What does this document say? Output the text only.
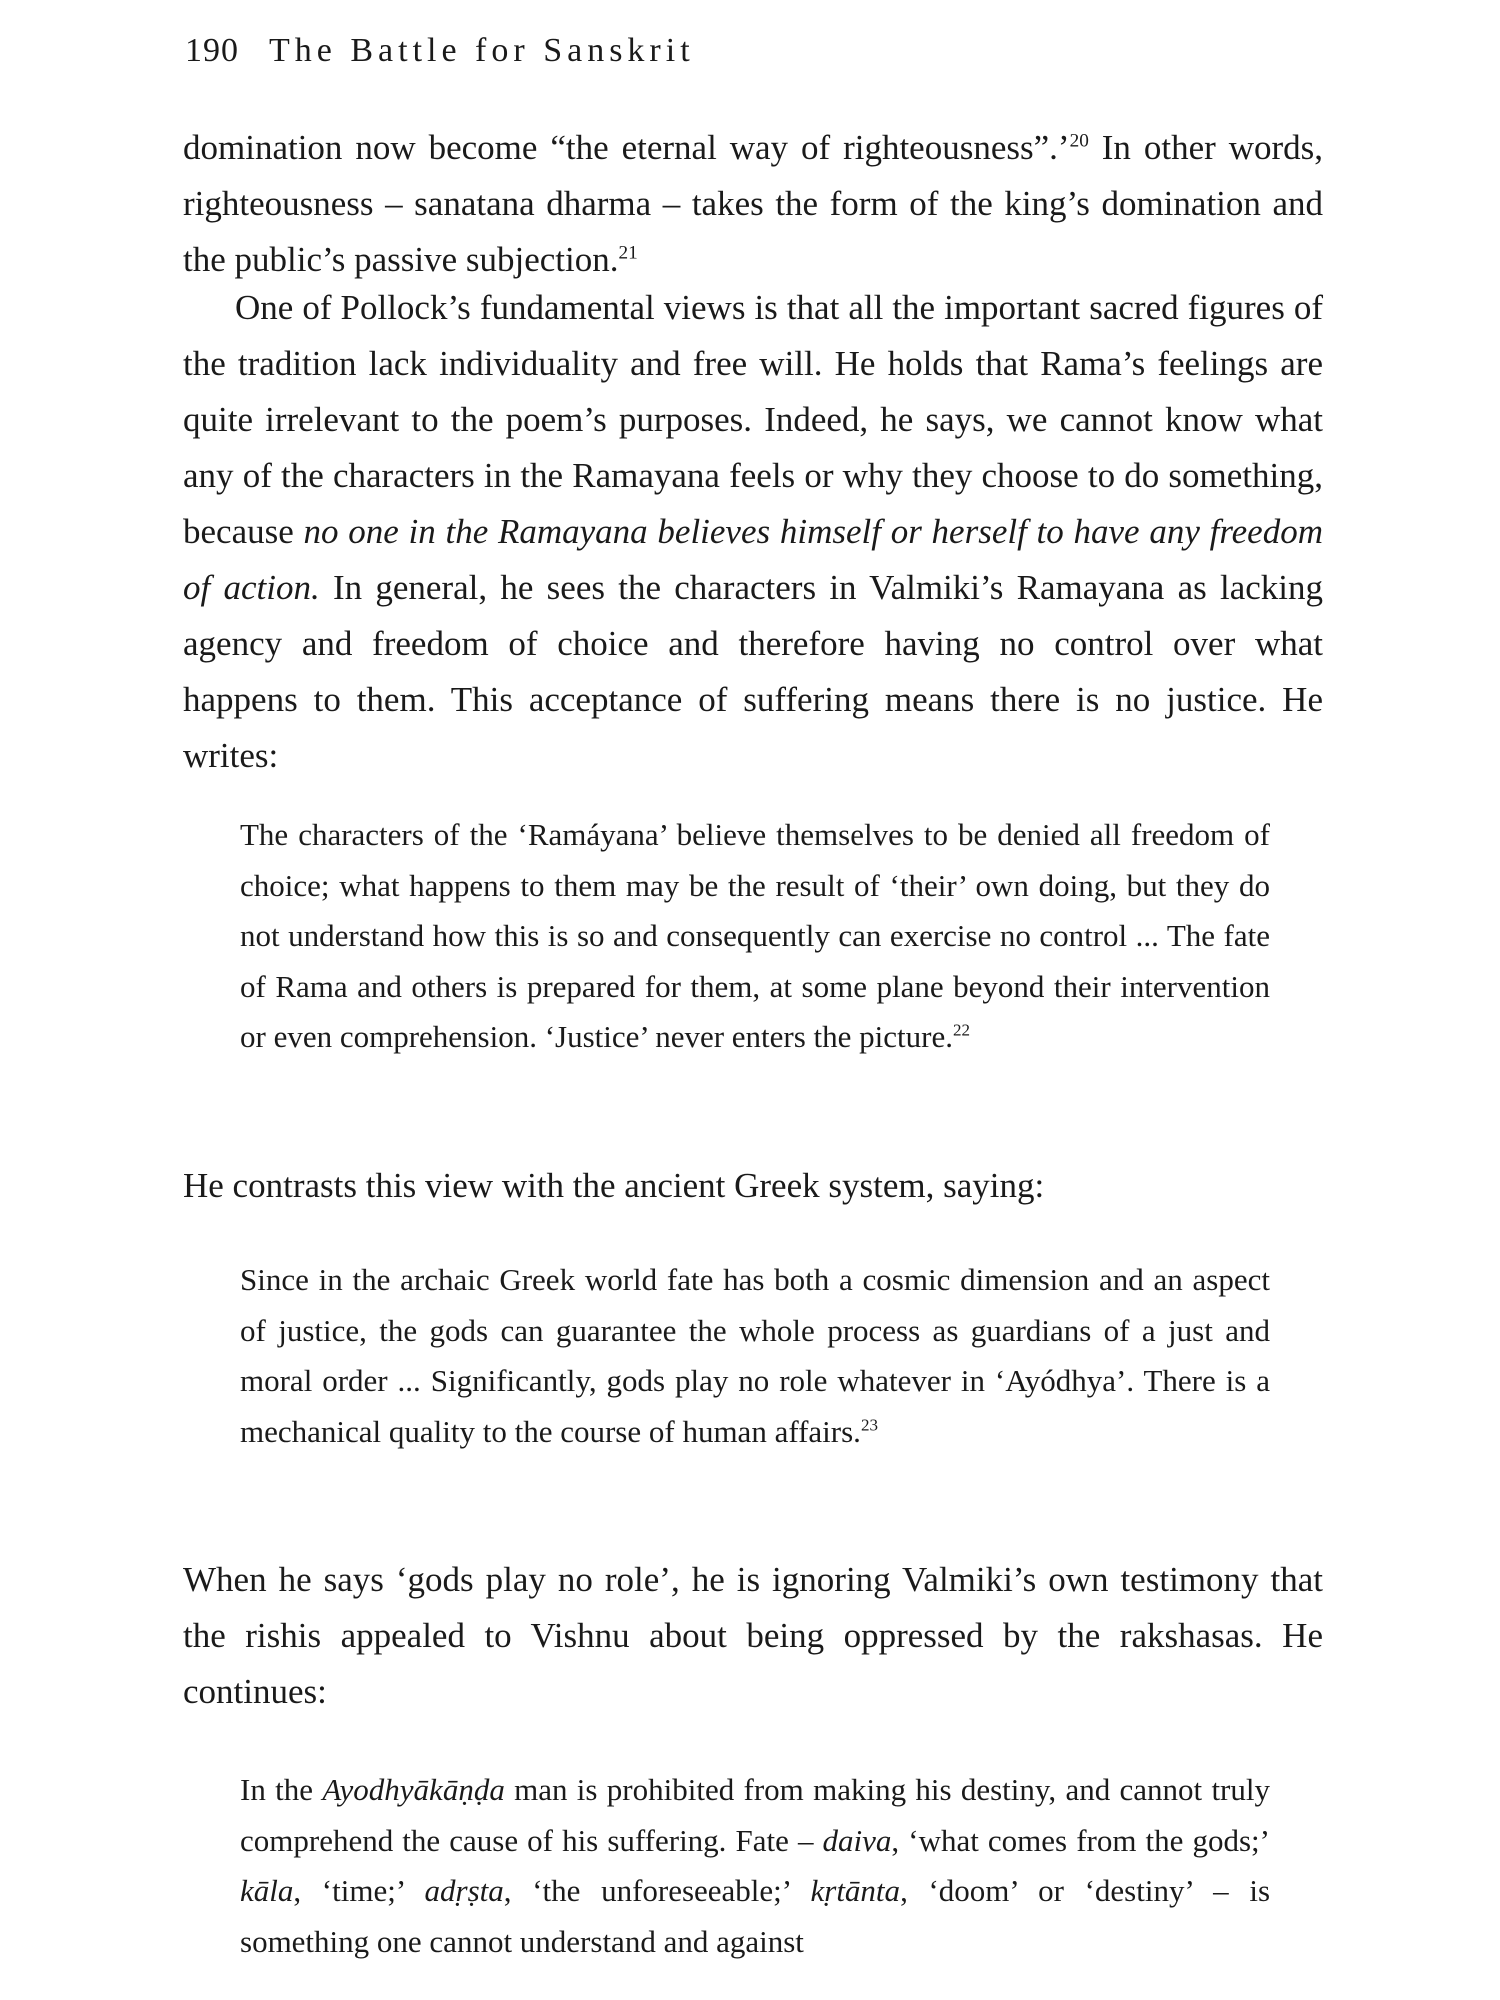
190 The Battle for Sanskrit

domination now become “the eternal way of righteousness”.’$^{20}$ In other words, righteousness – sanatana dharma – takes the form of the king’s domination and the public’s passive subjection.$^{21}$

One of Pollock’s fundamental views is that all the important sacred figures of the tradition lack individuality and free will. He holds that Rama’s feelings are quite irrelevant to the poem’s purposes. Indeed, he says, we cannot know what any of the characters in the Ramayana feels or why they choose to do something, because no one in the Ramayana believes himself or herself to have any freedom of action. In general, he sees the characters in Valmiki’s Ramayana as lacking agency and freedom of choice and therefore having no control over what happens to them. This acceptance of suffering means there is no justice. He writes:

The characters of the ‘Ramáyana’ believe themselves to be denied all freedom of choice; what happens to them may be the result of ‘their’ own doing, but they do not understand how this is so and consequently can exercise no control ... The fate of Rama and others is prepared for them, at some plane beyond their intervention or even comprehension. ‘Justice’ never enters the picture.$^{22}$

He contrasts this view with the ancient Greek system, saying:

Since in the archaic Greek world fate has both a cosmic dimension and an aspect of justice, the gods can guarantee the whole process as guardians of a just and moral order ... Significantly, gods play no role whatever in ‘Ayódhya’. There is a mechanical quality to the course of human affairs.$^{23}$

When he says ‘gods play no role’, he is ignoring Valmiki’s own testimony that the rishis appealed to Vishnu about being oppressed by the rakshasas. He continues:

In the Ayodhyākāṇḍa man is prohibited from making his destiny, and cannot truly comprehend the cause of his suffering. Fate – daiva, ‘what comes from the gods;’ kāla, ‘time;’ adṛṣta, ‘the unforeseeable;’ kṛtānta, ‘doom’ or ‘destiny’ – is something one cannot understand and against
